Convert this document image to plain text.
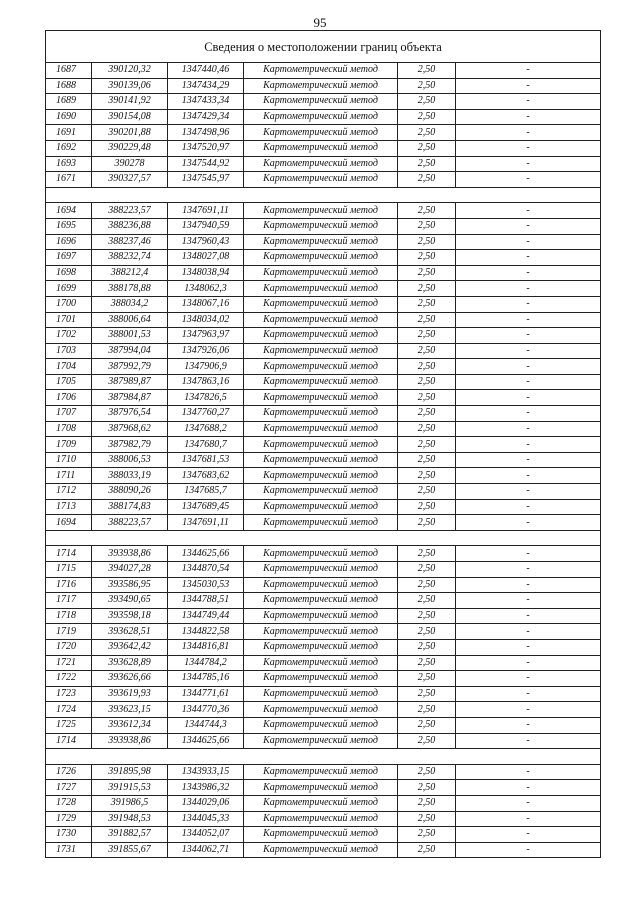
95
Сведения о местоположении границ объекта					
1687	390120,32	1347440,46	Картометрический метод	2,50	-
1688	390139,06	1347434,29	Картометрический метод	2,50	-
1689	390141,92	1347433,34	Картометрический метод	2,50	-
1690	390154,08	1347429,34	Картометрический метод	2,50	-
1691	390201,88	1347498,96	Картометрический метод	2,50	-
1692	390229,48	1347520,97	Картометрический метод	2,50	-
1693	390278	1347544,92	Картометрический метод	2,50	-
1671	390327,57	1347545,97	Картометрический метод	2,50	-

1694	388223,57	1347691,11	Картометрический метод	2,50	-
1695	388236,88	1347940,59	Картометрический метод	2,50	-
1696	388237,46	1347960,43	Картометрический метод	2,50	-
1697	388232,74	1348027,08	Картометрический метод	2,50	-
1698	388212,4	1348038,94	Картометрический метод	2,50	-
1699	388178,88	1348062,3	Картометрический метод	2,50	-
1700	388034,2	1348067,16	Картометрический метод	2,50	-
1701	388006,64	1348034,02	Картометрический метод	2,50	-
1702	388001,53	1347963,97	Картометрический метод	2,50	-
1703	387994,04	1347926,06	Картометрический метод	2,50	-
1704	387992,79	1347906,9	Картометрический метод	2,50	-
1705	387989,87	1347863,16	Картометрический метод	2,50	-
1706	387984,87	1347826,5	Картометрический метод	2,50	-
1707	387976,54	1347760,27	Картометрический метод	2,50	-
1708	387968,62	1347688,2	Картометрический метод	2,50	-
1709	387982,79	1347680,7	Картометрический метод	2,50	-
1710	388006,53	1347681,53	Картометрический метод	2,50	-
1711	388033,19	1347683,62	Картометрический метод	2,50	-
1712	388090,26	1347685,7	Картометрический метод	2,50	-
1713	388174,83	1347689,45	Картометрический метод	2,50	-
1694	388223,57	1347691,11	Картометрический метод	2,50	-

1714	393938,86	1344625,66	Картометрический метод	2,50	-
1715	394027,28	1344870,54	Картометрический метод	2,50	-
1716	393586,95	1345030,53	Картометрический метод	2,50	-
1717	393490,65	1344788,51	Картометрический метод	2,50	-
1718	393598,18	1344749,44	Картометрический метод	2,50	-
1719	393628,51	1344822,58	Картометрический метод	2,50	-
1720	393642,42	1344816,81	Картометрический метод	2,50	-
1721	393628,89	1344784,2	Картометрический метод	2,50	-
1722	393626,66	1344785,16	Картометрический метод	2,50	-
1723	393619,93	1344771,61	Картометрический метод	2,50	-
1724	393623,15	1344770,36	Картометрический метод	2,50	-
1725	393612,34	1344744,3	Картометрический метод	2,50	-
1714	393938,86	1344625,66	Картометрический метод	2,50	-

1726	391895,98	1343933,15	Картометрический метод	2,50	-
1727	391915,53	1343986,32	Картометрический метод	2,50	-
1728	391986,5	1344029,06	Картометрический метод	2,50	-
1729	391948,53	1344045,33	Картометрический метод	2,50	-
1730	391882,57	1344052,07	Картометрический метод	2,50	-
1731	391855,67	1344062,71	Картометрический метод	2,50	-
